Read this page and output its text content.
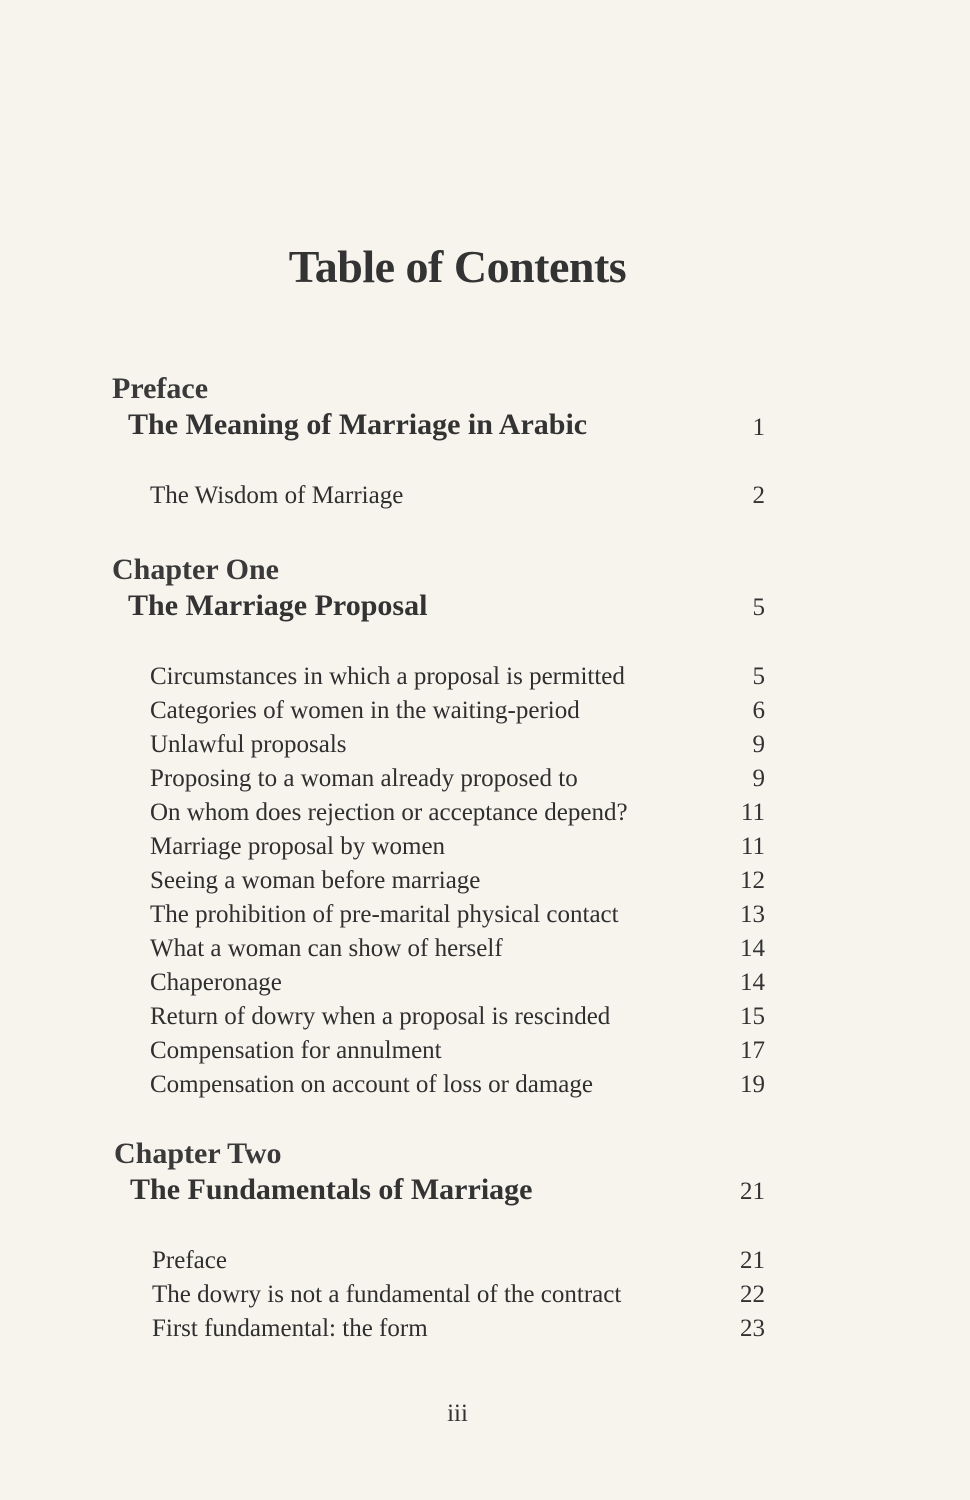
Table of Contents
Preface
The Meaning of Marriage in Arabic	1
The Wisdom of Marriage	2
Chapter One
The Marriage Proposal	5
Circumstances in which a proposal is permitted	5
Categories of women in the waiting-period	6
Unlawful proposals	9
Proposing to a woman already proposed to	9
On whom does rejection or acceptance depend?	11
Marriage proposal by women	11
Seeing a woman before marriage	12
The prohibition of pre-marital physical contact	13
What a woman can show of herself	14
Chaperonage	14
Return of dowry when a proposal is rescinded	15
Compensation for annulment	17
Compensation on account of loss or damage	19
Chapter Two
The Fundamentals of Marriage	21
Preface	21
The dowry is not a fundamental of the contract	22
First fundamental: the form	23
iii
